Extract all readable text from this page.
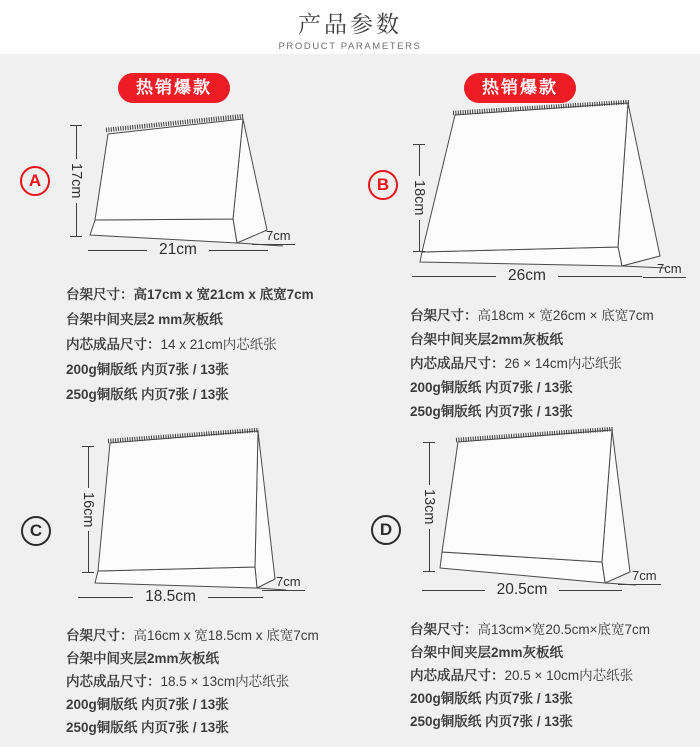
产品参数
PRODUCT PARAMETERS
热销爆款
A	17cm
21cm
7cm
台架尺寸：高17cm x 宽21cm x 底宽7cm
台架中间夹层2 mm灰板纸
内芯成品尺寸：14 x 21cm内芯纸张
200g铜版纸 内页7张 / 13张
250g铜版纸 内页7张 / 13张
热销爆款
B	18cm
26cm	7cm
台架尺寸：高18cm × 宽26cm × 底宽7cm
台架中间夹层2mm灰板纸
内芯成品尺寸：26 × 14cm内芯纸张
200g铜版纸 内页7张 / 13张
250g铜版纸 内页7张 / 13张
C
16cm
18.5cm
7cm
台架尺寸：高16cm x 宽18.5cm x 底宽7cm
台架中间夹层2mm灰板纸
内芯成品尺寸：18.5 × 13cm内芯纸张
200g铜版纸 内页7张 / 13张
250g铜版纸 内页7张 / 13张
D
13cm
20.5cm
7cm
台架尺寸：高13cm×宽20.5cm×底宽7cm
台架中间夹层2mm灰板纸
内芯成品尺寸：20.5 × 10cm内芯纸张
200g铜版纸 内页7张 / 13张
250g铜版纸 内页7张 / 13张
